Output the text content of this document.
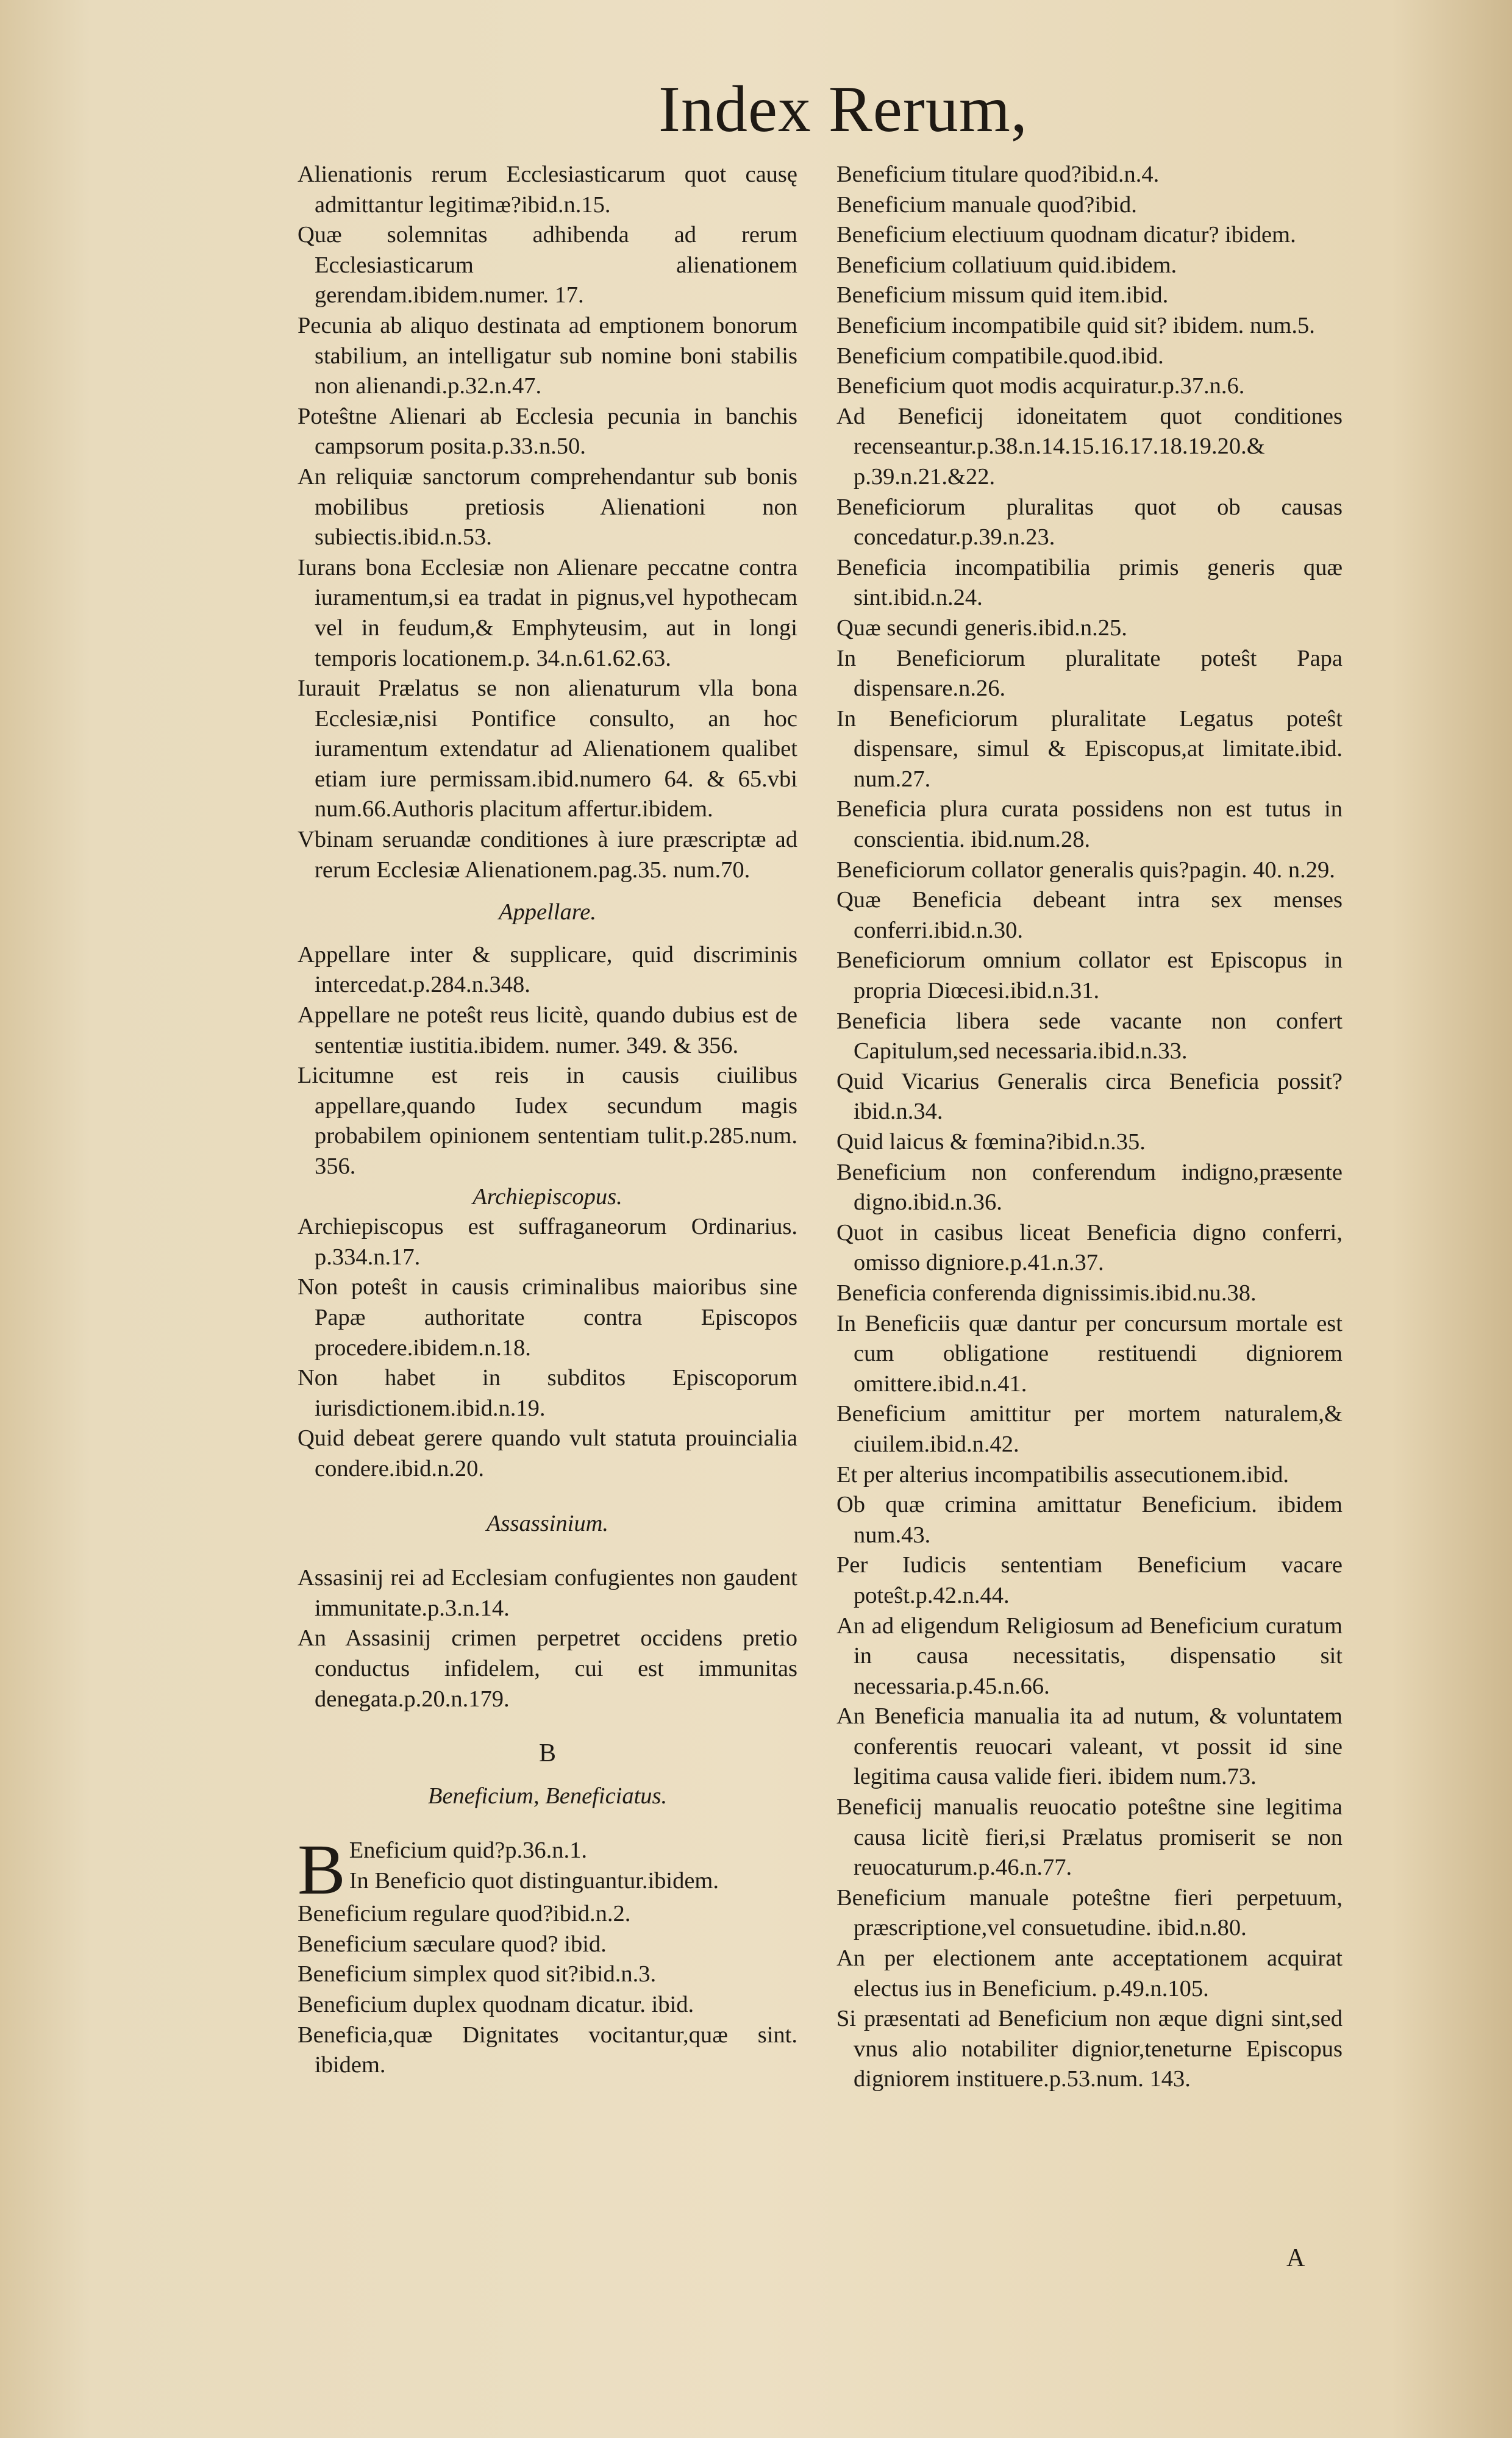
Index Rerum,

Alienationis rerum Ecclesiasticarum quot causę admittantur legitimæ?ibid.n.15.

Quæ solemnitas adhibenda ad rerum Ecclesiasticarum alienationem gerendam.ibidem.numer. 17.

Pecunia ab aliquo destinata ad emptionem bonorum stabilium, an intelligatur sub nomine boni stabilis non alienandi.p.32.n.47.

Poteŝtne Alienari ab Ecclesia pecunia in banchis campsorum posita.p.33.n.50.

An reliquiæ sanctorum comprehendantur sub bonis mobilibus pretiosis Alienationi non subiectis.ibid.n.53.

Iurans bona Ecclesiæ non Alienare peccatne contra iuramentum,si ea tradat in pignus,vel hypothecam vel in feudum,& Emphyteusim, aut in longi temporis locationem.p. 34.n.61.62.63.

Iurauit Prælatus se non alienaturum vlla bona Ecclesiæ,nisi Pontifice consulto, an hoc iuramentum extendatur ad Alienationem qualibet etiam iure permissam.ibid.numero 64. & 65.vbi num.66.Authoris placitum affertur.ibidem.

Vbinam seruandæ conditiones à iure præscriptæ ad rerum Ecclesiæ Alienationem.pag.35. num.70.

Appellare.

Appellare inter & supplicare, quid discriminis intercedat.p.284.n.348.

Appellare ne poteŝt reus licitè, quando dubius est de sententiæ iustitia.ibidem. numer. 349. & 356.

Licitumne est reis in causis ciuilibus appellare,quando Iudex secundum magis probabilem opinionem sententiam tulit.p.285.num. 356.

Archiepiscopus.

Archiepiscopus est suffraganeorum Ordinarius. p.334.n.17.

Non poteŝt in causis criminalibus maioribus sine Papæ authoritate contra Episcopos procedere.ibidem.n.18.

Non habet in subditos Episcoporum iurisdictionem.ibid.n.19.

Quid debeat gerere quando vult statuta prouincialia condere.ibid.n.20.

Assassinium.

Assasinij rei ad Ecclesiam confugientes non gaudent immunitate.p.3.n.14.

An Assasinij crimen perpetret occidens pretio conductus infidelem, cui est immunitas denegata.p.20.n.179.

B

Beneficium, Beneficiatus.

B Eneficium quid?p.36.n.1.

In Beneficio quot distinguantur.ibidem.

Beneficium regulare quod?ibid.n.2.

Beneficium sæculare quod? ibid.

Beneficium simplex quod sit?ibid.n.3.

Beneficium duplex quodnam dicatur. ibid.

Beneficia,quæ Dignitates vocitantur,quæ sint. ibidem.

Beneficium titulare quod?ibid.n.4.

Beneficium manuale quod?ibid.

Beneficium electiuum quodnam dicatur? ibidem.

Beneficium collatiuum quid.ibidem.

Beneficium missum quid item.ibid.

Beneficium incompatibile quid sit? ibidem. num.5.

Beneficium compatibile.quod.ibid.

Beneficium quot modis acquiratur.p.37.n.6.

Ad Beneficij idoneitatem quot conditiones recenseantur.p.38.n.14.15.16.17.18.19.20.& p.39.n.21.&22.

Beneficiorum pluralitas quot ob causas concedatur.p.39.n.23.

Beneficia incompatibilia primis generis quæ sint.ibid.n.24.

Quæ secundi generis.ibid.n.25.

In Beneficiorum pluralitate poteŝt Papa dispensare.n.26.

In Beneficiorum pluralitate Legatus poteŝt dispensare, simul & Episcopus,at limitate.ibid. num.27.

Beneficia plura curata possidens non est tutus in conscientia. ibid.num.28.

Beneficiorum collator generalis quis?pagin. 40. n.29.

Quæ Beneficia debeant intra sex menses conferri.ibid.n.30.

Beneficiorum omnium collator est Episcopus in propria Diœcesi.ibid.n.31.

Beneficia libera sede vacante non confert Capitulum,sed necessaria.ibid.n.33.

Quid Vicarius Generalis circa Beneficia possit? ibid.n.34.

Quid laicus & fœmina?ibid.n.35.

Beneficium non conferendum indigno,præsente digno.ibid.n.36.

Quot in casibus liceat Beneficia digno conferri, omisso digniore.p.41.n.37.

Beneficia conferenda dignissimis.ibid.nu.38.

In Beneficiis quæ dantur per concursum mortale est cum obligatione restituendi digniorem omittere.ibid.n.41.

Beneficium amittitur per mortem naturalem,& ciuilem.ibid.n.42.

Et per alterius incompatibilis assecutionem.ibid.

Ob quæ crimina amittatur Beneficium. ibidem num.43.

Per Iudicis sententiam Beneficium vacare poteŝt.p.42.n.44.

An ad eligendum Religiosum ad Beneficium curatum in causa necessitatis, dispensatio sit necessaria.p.45.n.66.

An Beneficia manualia ita ad nutum, & voluntatem conferentis reuocari valeant, vt possit id sine legitima causa valide fieri. ibidem num.73.

Beneficij manualis reuocatio poteŝtne sine legitima causa licitè fieri,si Prælatus promiserit se non reuocaturum.p.46.n.77.

Beneficium manuale poteŝtne fieri perpetuum, præscriptione,vel consuetudine. ibid.n.80.

An per electionem ante acceptationem acquirat electus ius in Beneficium. p.49.n.105.

Si præsentati ad Beneficium non æque digni sint,sed vnus alio notabiliter dignior,teneturne Episcopus digniorem instituere.p.53.num. 143.

A
